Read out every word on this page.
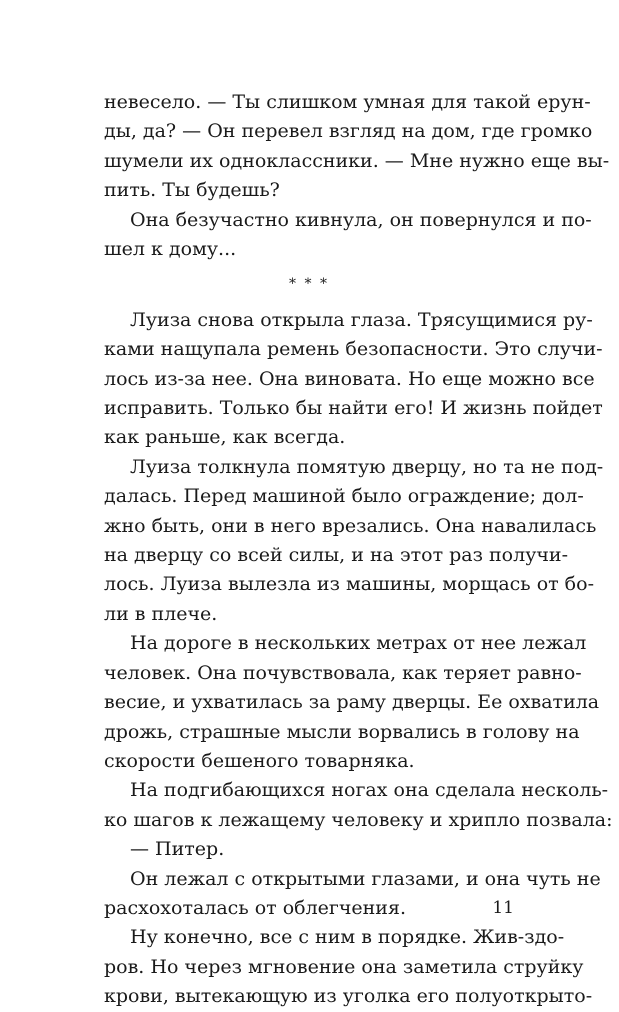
невесело. — Ты слишком умная для такой ерун-
ды, да? — Он перевел взгляд на дом, где громко
шумели их одноклассники. — Мне нужно еще вы-
пить. Ты будешь?
Она безучастно кивнула, он повернулся и по-
шел к дому...
* * *
Луиза снова открыла глаза. Трясущимися ру-
ками нащупала ремень безопасности. Это случи-
лось из-за нее. Она виновата. Но еще можно все
исправить. Только бы найти его! И жизнь пойдет
как раньше, как всегда.
Луиза толкнула помятую дверцу, но та не под-
далась. Перед машиной было ограждение; дол-
жно быть, они в него врезались. Она навалилась
на дверцу со всей силы, и на этот раз получи-
лось. Луиза вылезла из машины, морщась от бо-
ли в плече.
На дороге в нескольких метрах от нее лежал
человек. Она почувствовала, как теряет равно-
весие, и ухватилась за раму дверцы. Ее охватила
дрожь, страшные мысли ворвались в голову на
скорости бешеного товарняка.
На подгибающихся ногах она сделала несколь-
ко шагов к лежащему человеку и хрипло позвала:
— Питер.
Он лежал с открытыми глазами, и она чуть не
расхохоталась от облегчения.
Ну конечно, все с ним в порядке. Жив-здо-
ров. Но через мгновение она заметила струйку
крови, вытекающую из уголка его полуоткрыто-
11
